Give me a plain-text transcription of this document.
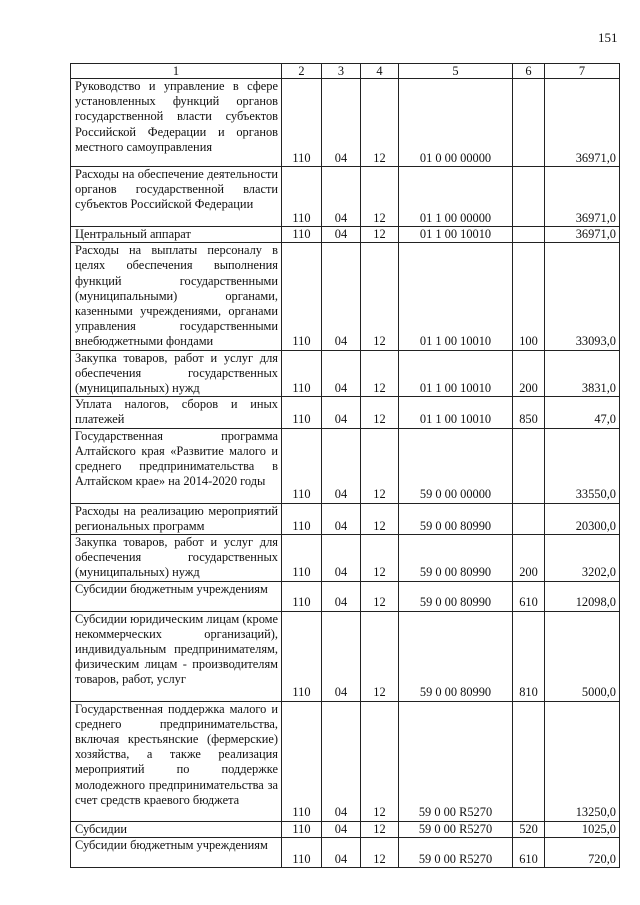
151
1	2	3	4	5	6	7
Руководство и управление в сфере установленных функций органов государственной власти субъектов Российской Федерации и органов местного самоуправления	110	04	12	01 0 00 00000		36971,0
Расходы на обеспечение деятельности органов государственной власти субъектов Российской Федерации	110	04	12	01 1 00 00000		36971,0
Центральный аппарат	110	04	12	01 1 00 10010		36971,0
Расходы на выплаты персоналу в целях обеспечения выполнения функций государственными (муниципальными) органами, казенными учреждениями, органами управления государственными внебюджетными фондами	110	04	12	01 1 00 10010	100	33093,0
Закупка товаров, работ и услуг для обеспечения государственных (муниципальных) нужд	110	04	12	01 1 00 10010	200	3831,0
Уплата налогов, сборов и иных платежей	110	04	12	01 1 00 10010	850	47,0
Государственная программа Алтайского края «Развитие малого и среднего предпринимательства в Алтайском крае» на 2014-2020 годы	110	04	12	59 0 00 00000		33550,0
Расходы на реализацию мероприятий региональных программ	110	04	12	59 0 00 80990		20300,0
Закупка товаров, работ и услуг для обеспечения государственных (муниципальных) нужд	110	04	12	59 0 00 80990	200	3202,0
Субсидии бюджетным учреждениям	110	04	12	59 0 00 80990	610	12098,0
Субсидии юридическим лицам (кроме некоммерческих организаций), индивидуальным предпринимателям, физическим лицам - производителям товаров, работ, услуг	110	04	12	59 0 00 80990	810	5000,0
Государственная поддержка малого и среднего предпринимательства, включая крестьянские (фермерские) хозяйства, а также реализация мероприятий по поддержке молодежного предпринимательства за счет средств краевого бюджета	110	04	12	59 0 00 R5270		13250,0
Субсидии	110	04	12	59 0 00 R5270	520	1025,0
Субсидии бюджетным учреждениям	110	04	12	59 0 00 R5270	610	720,0
